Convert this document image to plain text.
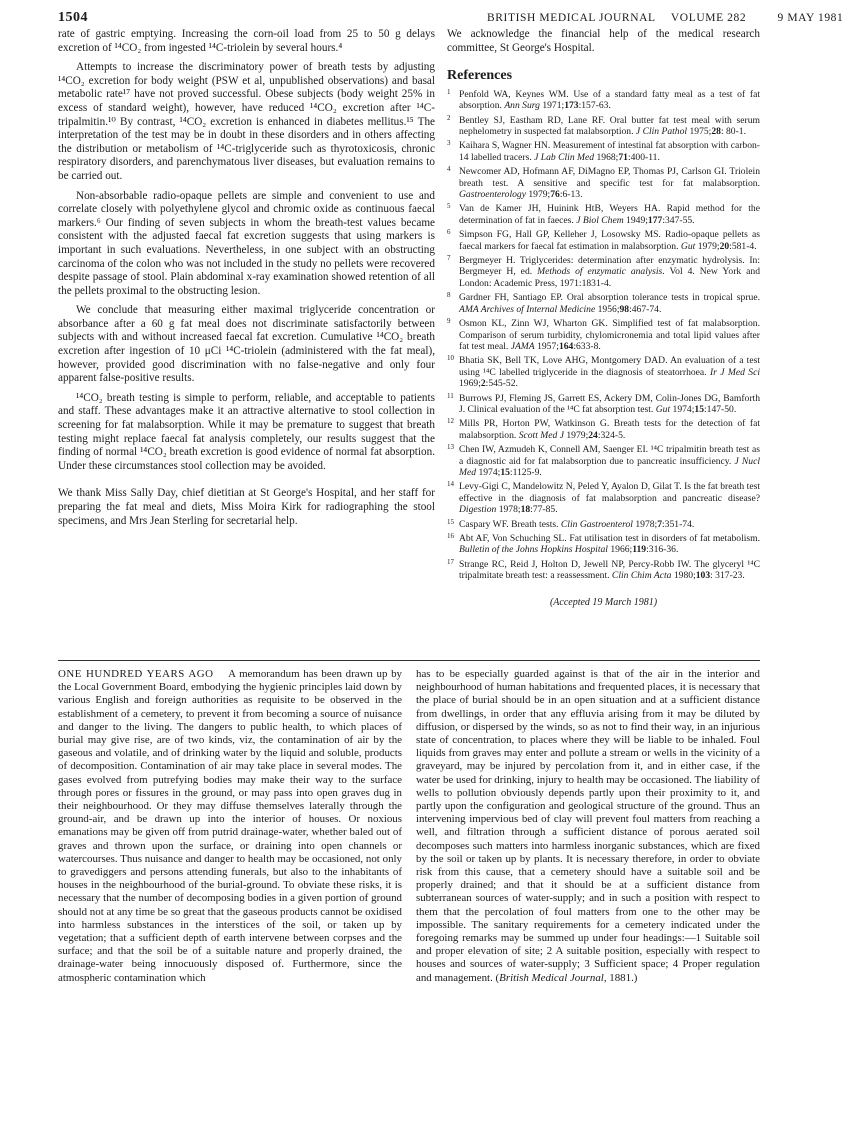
1504	BRITISH MEDICAL JOURNAL VOLUME 282	9 MAY 1981

rate of gastric emptying. Increasing the corn-oil load from 25 to 50 g delays excretion of ¹⁴CO₂ from ingested ¹⁴C-triolein by several hours.⁴

Attempts to increase the discriminatory power of breath tests by adjusting ¹⁴CO₂ excretion for body weight (PSW et al, unpublished observations) and basal metabolic rate¹⁷ have not proved successful. Obese subjects (body weight 25% in excess of standard weight), however, have reduced ¹⁴CO₂ excretion after ¹⁴C-tripalmitin.¹⁰ By contrast, ¹⁴CO₂ excretion is enhanced in diabetes mellitus.¹⁵ The interpretation of the test may be in doubt in these disorders and in others affecting the distribution or metabolism of ¹⁴C-triglyceride such as thyrotoxicosis, chronic respiratory disorders, and parenchymatous liver diseases, but evaluation remains to be carried out.

Non-absorbable radio-opaque pellets are simple and convenient to use and correlate closely with polyethylene glycol and chromic oxide as continuous faecal markers.⁶ Our finding of seven subjects in whom the breath-test values became consistent with the adjusted faecal fat excretion suggests that using markers is important in such evaluations. Nevertheless, in one subject with an obstructing carcinoma of the colon who was not included in the study no pellets were recovered despite passage of stool. Plain abdominal x-ray examination showed retention of all the pellets proximal to the obstructing lesion.

We conclude that measuring either maximal triglyceride concentration or absorbance after a 60 g fat meal does not discriminate satisfactorily between subjects with and without increased faecal fat excretion. Cumulative ¹⁴CO₂ breath excretion after ingestion of 10 μCi ¹⁴C-triolein (administered with the fat meal), however, provided good discrimination with no false-negative and only four apparent false-positive results.

¹⁴CO₂ breath testing is simple to perform, reliable, and acceptable to patients and staff. These advantages make it an attractive alternative to stool collection in screening for fat malabsorption. While it may be premature to suggest that breath testing might replace faecal fat analysis completely, our results suggest that the finding of normal ¹⁴CO₂ breath excretion is good evidence of normal fat absorption. Under these circumstances stool collection may be avoided.

We thank Miss Sally Day, chief dietitian at St George's Hospital, and her staff for preparing the fat meal and diets, Miss Moira Kirk for radiographing the stool specimens, and Mrs Jean Sterling for secretarial help.

We acknowledge the financial help of the medical research committee, St George's Hospital.

References
1 Penfold WA, Keynes WM. Use of a standard fatty meal as a test of fat absorption. Ann Surg 1971;173:157-63.
2 Bentley SJ, Eastham RD, Lane RF. Oral butter fat test meal with serum nephelometry in suspected fat malabsorption. J Clin Pathol 1975;28: 80-1.
3 Kaihara S, Wagner HN. Measurement of intestinal fat absorption with carbon-14 labelled tracers. J Lab Clin Med 1968;71:400-11.
4 Newcomer AD, Hofmann AF, DiMagno EP, Thomas PJ, Carlson GI. Triolein breath test. A sensitive and specific test for fat malabsorption. Gastroenterology 1979;76:6-13.
5 Van de Kamer JH, Huinink HtB, Weyers HA. Rapid method for the determination of fat in faeces. J Biol Chem 1949;177:347-55.
6 Simpson FG, Hall GP, Kelleher J, Losowsky MS. Radio-opaque pellets as faecal markers for faecal fat estimation in malabsorption. Gut 1979;20:581-4.
7 Bergmeyer H. Triglycerides: determination after enzymatic hydrolysis. In: Bergmeyer H, ed. Methods of enzymatic analysis. Vol 4. New York and London: Academic Press, 1971:1831-4.
8 Gardner FH, Santiago EP. Oral absorption tolerance tests in tropical sprue. AMA Archives of Internal Medicine 1956;98:467-74.
9 Osmon KL, Zinn WJ, Wharton GK. Simplified test of fat malabsorption. Comparison of serum turbidity, chylomicronemia and total lipid values after fat test meal. JAMA 1957;164:633-8.
10 Bhatia SK, Bell TK, Love AHG, Montgomery DAD. An evaluation of a test using ¹⁴C labelled triglyceride in the diagnosis of steatorrhoea. Ir J Med Sci 1969;2:545-52.
11 Burrows PJ, Fleming JS, Garrett ES, Ackery DM, Colin-Jones DG, Bamforth J. Clinical evaluation of the ¹⁴C fat absorption test. Gut 1974;15:147-50.
12 Mills PR, Horton PW, Watkinson G. Breath tests for the detection of fat malabsorption. Scott Med J 1979;24:324-5.
13 Chen IW, Azmudeh K, Connell AM, Saenger EI. ¹⁴C tripalmitin breath test as a diagnostic aid for fat malabsorption due to pancreatic insufficiency. J Nucl Med 1974;15:1125-9.
14 Levy-Gigi C, Mandelowitz N, Peled Y, Ayalon D, Gilat T. Is the fat breath test effective in the diagnosis of fat malabsorption and pancreatic disease? Digestion 1978;18:77-85.
15 Caspary WF. Breath tests. Clin Gastroenterol 1978;7:351-74.
16 Abt AF, Von Schuching SL. Fat utilisation test in disorders of fat metabolism. Bulletin of the Johns Hopkins Hospital 1966;119:316-36.
17 Strange RC, Reid J, Holton D, Jewell NP, Percy-Robb IW. The glyceryl ¹⁴C tripalmitate breath test: a reassessment. Clin Chim Acta 1980;103: 317-23.
(Accepted 19 March 1981)

ONE HUNDRED YEARS AGO A memorandum has been drawn up by the Local Government Board, embodying the hygienic principles laid down by various English and foreign authorities as requisite to be observed in the establishment of a cemetery, to prevent it from becoming a source of nuisance and danger to the living. The dangers to public health, to which places of burial may give rise, are of two kinds, viz, the contamination of air by the gaseous and volatile, and of drinking water by the liquid and soluble, products of decomposition. Contamination of air may take place in several modes. The gases evolved from putrefying bodies may make their way to the surface through pores or fissures in the ground, or may pass into open graves dug in their neighbourhood. Or they may diffuse themselves laterally through the ground-air, and be drawn up into the interior of houses. Or noxious emanations may be given off from putrid drainage-water, whether baled out of graves and thrown upon the surface, or draining into open channels or watercourses. Thus nuisance and danger to health may be occasioned, not only to gravediggers and persons attending funerals, but also to the inhabitants of houses in the neighbourhood of the burial-ground. To obviate these risks, it is necessary that the number of decomposing bodies in a given portion of ground should not at any time be so great that the gaseous products cannot be oxidised into harmless substances in the interstices of the soil, or taken up by vegetation; that a sufficient depth of earth intervene between corpses and the surface; and that the soil be of a suitable nature and properly drained, the drainage-water being innocuously disposed of. Furthermore, since the atmospheric contamination which

has to be especially guarded against is that of the air in the interior and neighbourhood of human habitations and frequented places, it is necessary that the place of burial should be in an open situation and at a sufficient distance from dwellings, in order that any effluvia arising from it may be diluted by diffusion, or dispersed by the winds, so as not to find their way, in an injurious state of concentration, to places where they will be liable to be inhaled. Foul liquids from graves may enter and pollute a stream or wells in the vicinity of a graveyard, may be injured by percolation from it, and in either case, if the water be used for drinking, injury to health may be occasioned. The liability of wells to pollution obviously depends partly upon their proximity to it, and partly upon the configuration and geological structure of the ground. Thus an intervening impervious bed of clay will prevent foul matters from reaching a well, and filtration through a sufficient distance of porous aerated soil decomposes such matters into harmless inorganic substances, which are fixed by the soil or taken up by plants. It is necessary therefore, in order to obviate risk from this cause, that a cemetery should have a suitable soil and be properly drained; and that it should be at a sufficient distance from subterranean sources of water-supply; and in such a position with respect to them that the percolation of foul matters from one to the other may be impossible. The sanitary requirements for a cemetery indicated under the foregoing remarks may be summed up under four headings:—1 Suitable soil and proper elevation of site; 2 A suitable position, especially with respect to houses and sources of water-supply; 3 Sufficient space; 4 Proper regulation and management. (British Medical Journal, 1881.)
